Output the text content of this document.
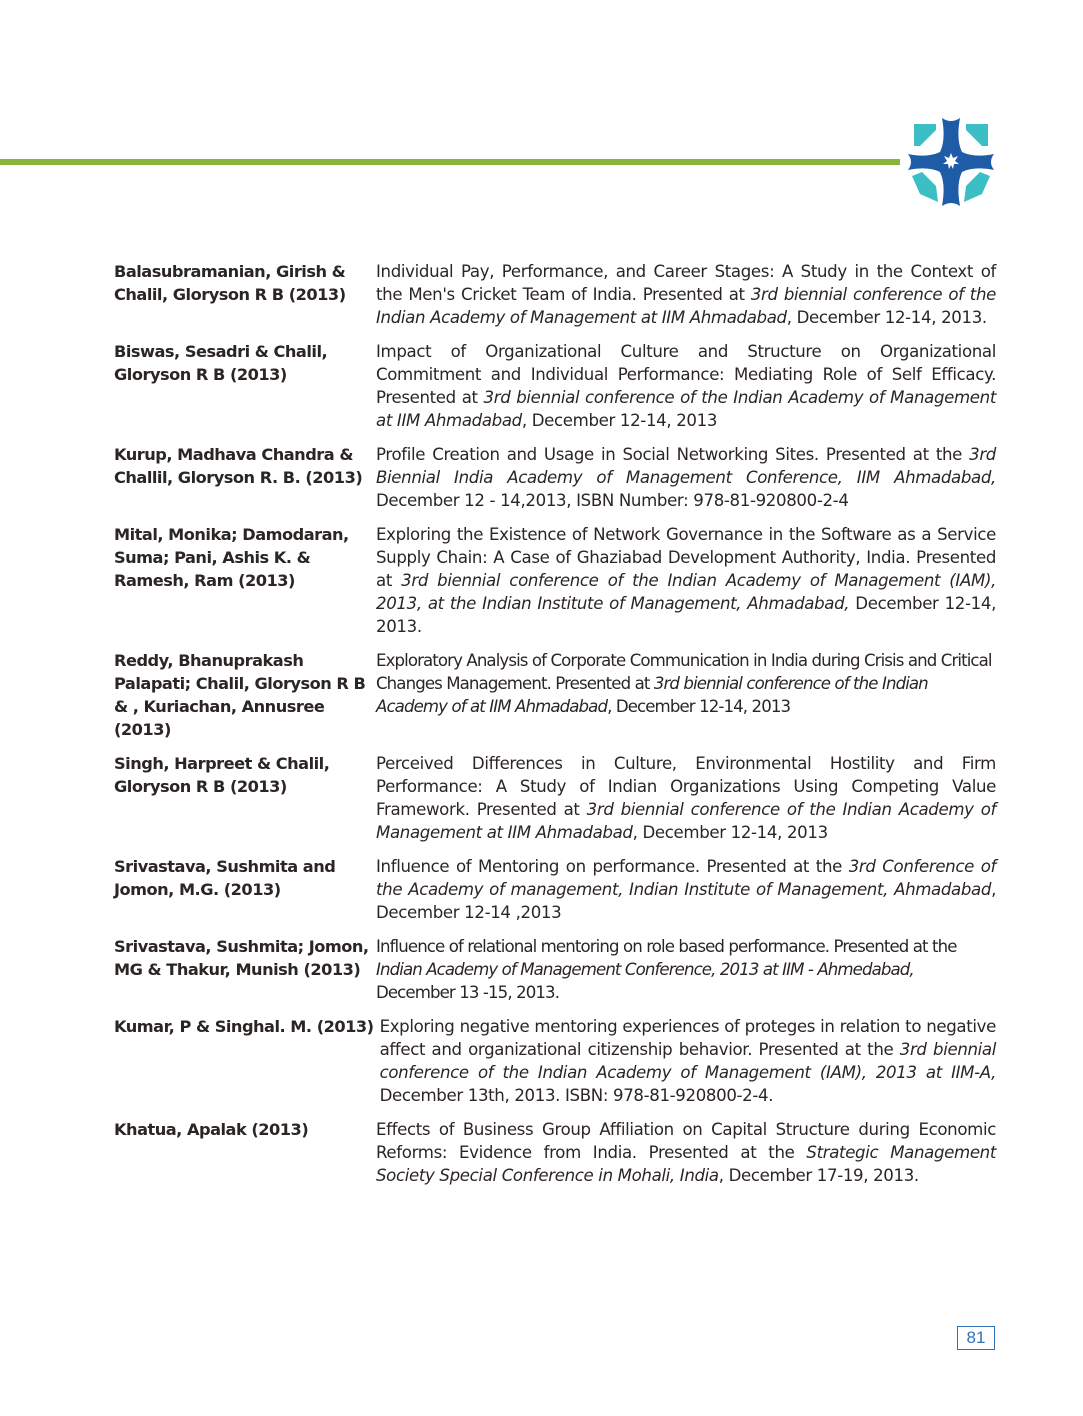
Balasubramanian, Girish & Chalil, Gloryson R B (2013)
Individual Pay, Performance, and Career Stages: A Study in the Context of the Men's Cricket Team of India. Presented at 3rd biennial conference of the Indian Academy of Management at IIM Ahmadabad, December 12-14, 2013.
Biswas, Sesadri & Chalil, Gloryson R B (2013)
Impact of Organizational Culture and Structure on Organizational Commitment and Individual Performance: Mediating Role of Self Efficacy. Presented at 3rd biennial conference of the Indian Academy of Management at IIM Ahmadabad, December 12-14, 2013
Kurup, Madhava Chandra & Challil, Gloryson R. B. (2013)
Profile Creation and Usage in Social Networking Sites. Presented at the 3rd Biennial India Academy of Management Conference, IIM Ahmadabad, December 12 - 14,2013, ISBN Number: 978-81-920800-2-4
Mital, Monika; Damodaran, Suma; Pani, Ashis K. & Ramesh, Ram (2013)
Exploring the Existence of Network Governance in the Software as a Service Supply Chain: A Case of Ghaziabad Development Authority, India. Presented at 3rd biennial conference of the Indian Academy of Management (IAM), 2013, at the Indian Institute of Management, Ahmadabad, December 12-14, 2013.
Reddy, Bhanuprakash Palapati; Chalil, Gloryson R B & , Kuriachan, Annusree (2013)
Exploratory Analysis of Corporate Communication in India during Crisis and Critical Changes Management. Presented at 3rd biennial conference of the Indian Academy of at IIM Ahmadabad, December 12-14, 2013
Singh, Harpreet & Chalil, Gloryson R B (2013)
Perceived Differences in Culture, Environmental Hostility and Firm Performance: A Study of Indian Organizations Using Competing Value Framework. Presented at 3rd biennial conference of the Indian Academy of Management at IIM Ahmadabad, December 12-14, 2013
Srivastava, Sushmita and Jomon, M.G. (2013)
Influence of Mentoring on performance. Presented at the 3rd Conference of the Academy of management, Indian Institute of Management, Ahmadabad, December 12-14 ,2013
Srivastava, Sushmita; Jomon, MG & Thakur, Munish (2013)
Influence of relational mentoring on role based performance. Presented at the Indian Academy of Management Conference, 2013 at IIM - Ahmedabad, December 13 -15, 2013.
Kumar, P & Singhal. M. (2013) Exploring negative mentoring experiences of proteges in relation to negative affect and organizational citizenship behavior. Presented at the 3rd biennial conference of the Indian Academy of Management (IAM), 2013 at IIM-A, December 13th, 2013. ISBN: 978-81-920800-2-4.
Khatua, Apalak (2013)	Effects of Business Group Affiliation on Capital Structure during Economic Reforms: Evidence from India. Presented at the Strategic Management Society Special Conference in Mohali, India, December 17-19, 2013.
81
